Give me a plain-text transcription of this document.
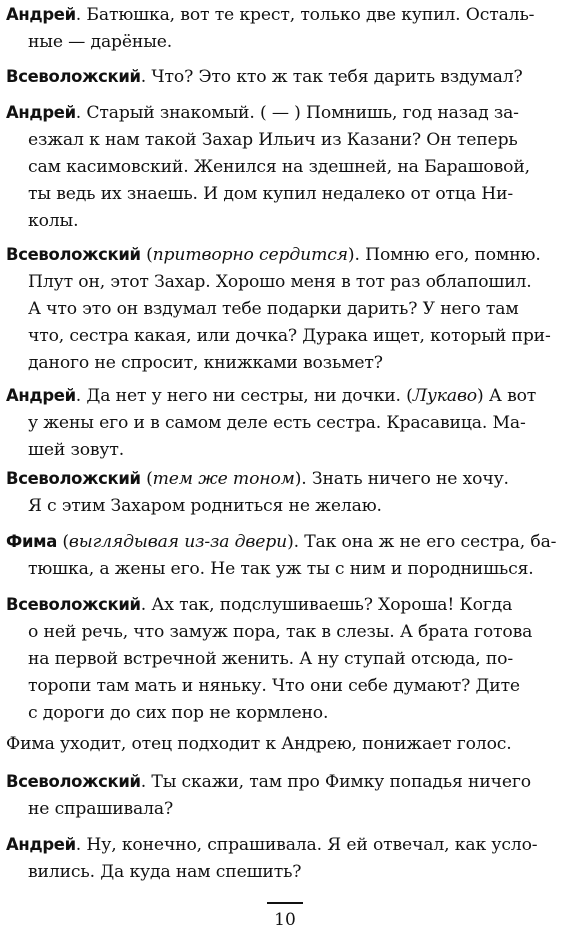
Андрей. Батюшка, вот те крест, только две купил. Осталь-
ные — дарёные.
Всеволожский. Что? Это кто ж так тебя дарить вздумал?
Андрей. Старый знакомый. ( — ) Помнишь, год назад за-
езжал к нам такой Захар Ильич из Казани? Он теперь
сам касимовский. Женился на здешней, на Барашовой,
ты ведь их знаешь. И дом купил недалеко от отца Ни-
колы.
Всеволожский (притворно сердится). Помню его, помню.
Плут он, этот Захар. Хорошо меня в тот раз облапошил.
А что это он вздумал тебе подарки дарить? У него там
что, сестра какая, или дочка? Дурака ищет, который при-
даного не спросит, книжками возьмет?
Андрей. Да нет у него ни сестры, ни дочки. (Лукаво) А вот
у жены его и в самом деле есть сестра. Красавица. Ма-
шей зовут.
Всеволожский (тем же тоном). Знать ничего не хочу.
Я с этим Захаром родниться не желаю.
Фима (выглядывая из-за двери). Так она ж не его сестра, ба-
тюшка, а жены его. Не так уж ты с ним и породнишься.
Всеволожский. Ах так, подслушиваешь? Хороша! Когда
о ней речь, что замуж пора, так в слезы. А брата готова
на первой встречной женить. А ну ступай отсюда, по-
торопи там мать и няньку. Что они себе думают? Дите
с дороги до сих пор не кормлено.
Фима уходит, отец подходит к Андрею, понижает голос.
Всеволожский. Ты скажи, там про Фимку попадья ничего
не спрашивала?
Андрей. Ну, конечно, спрашивала. Я ей отвечал, как усло-
вились. Да куда нам спешить?
10
